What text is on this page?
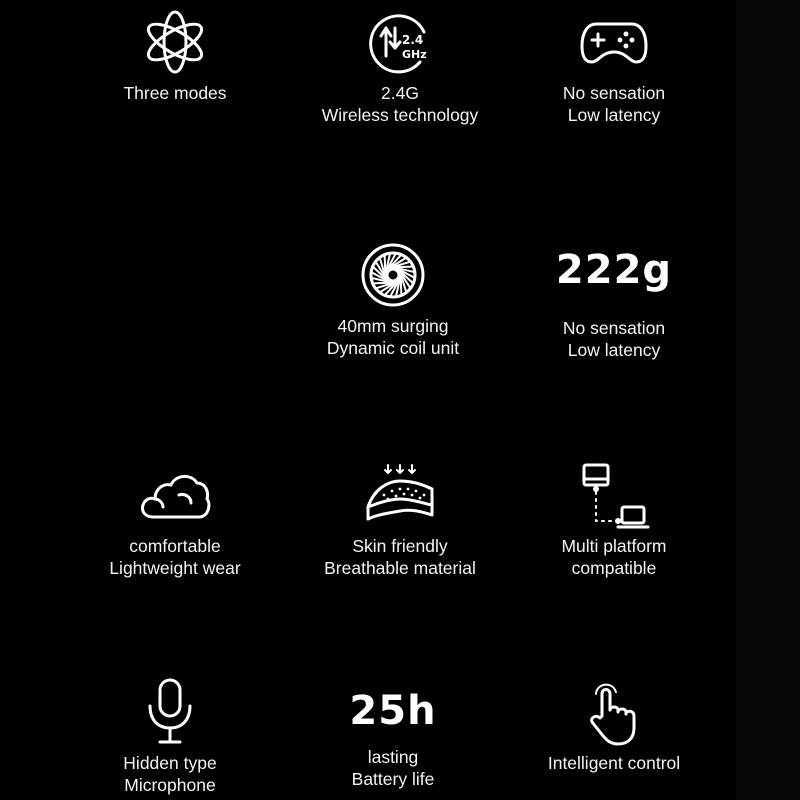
Three modes
2.4
GHz
2.4G
Wireless technology
No sensation
Low latency
40mm surging
Dynamic coil unit
222g
No sensation
Low latency
comfortable
Lightweight wear
Skin friendly
Breathable material
Multi platform
compatible
Hidden type
Microphone
25h
lasting
Battery life
Intelligent control
